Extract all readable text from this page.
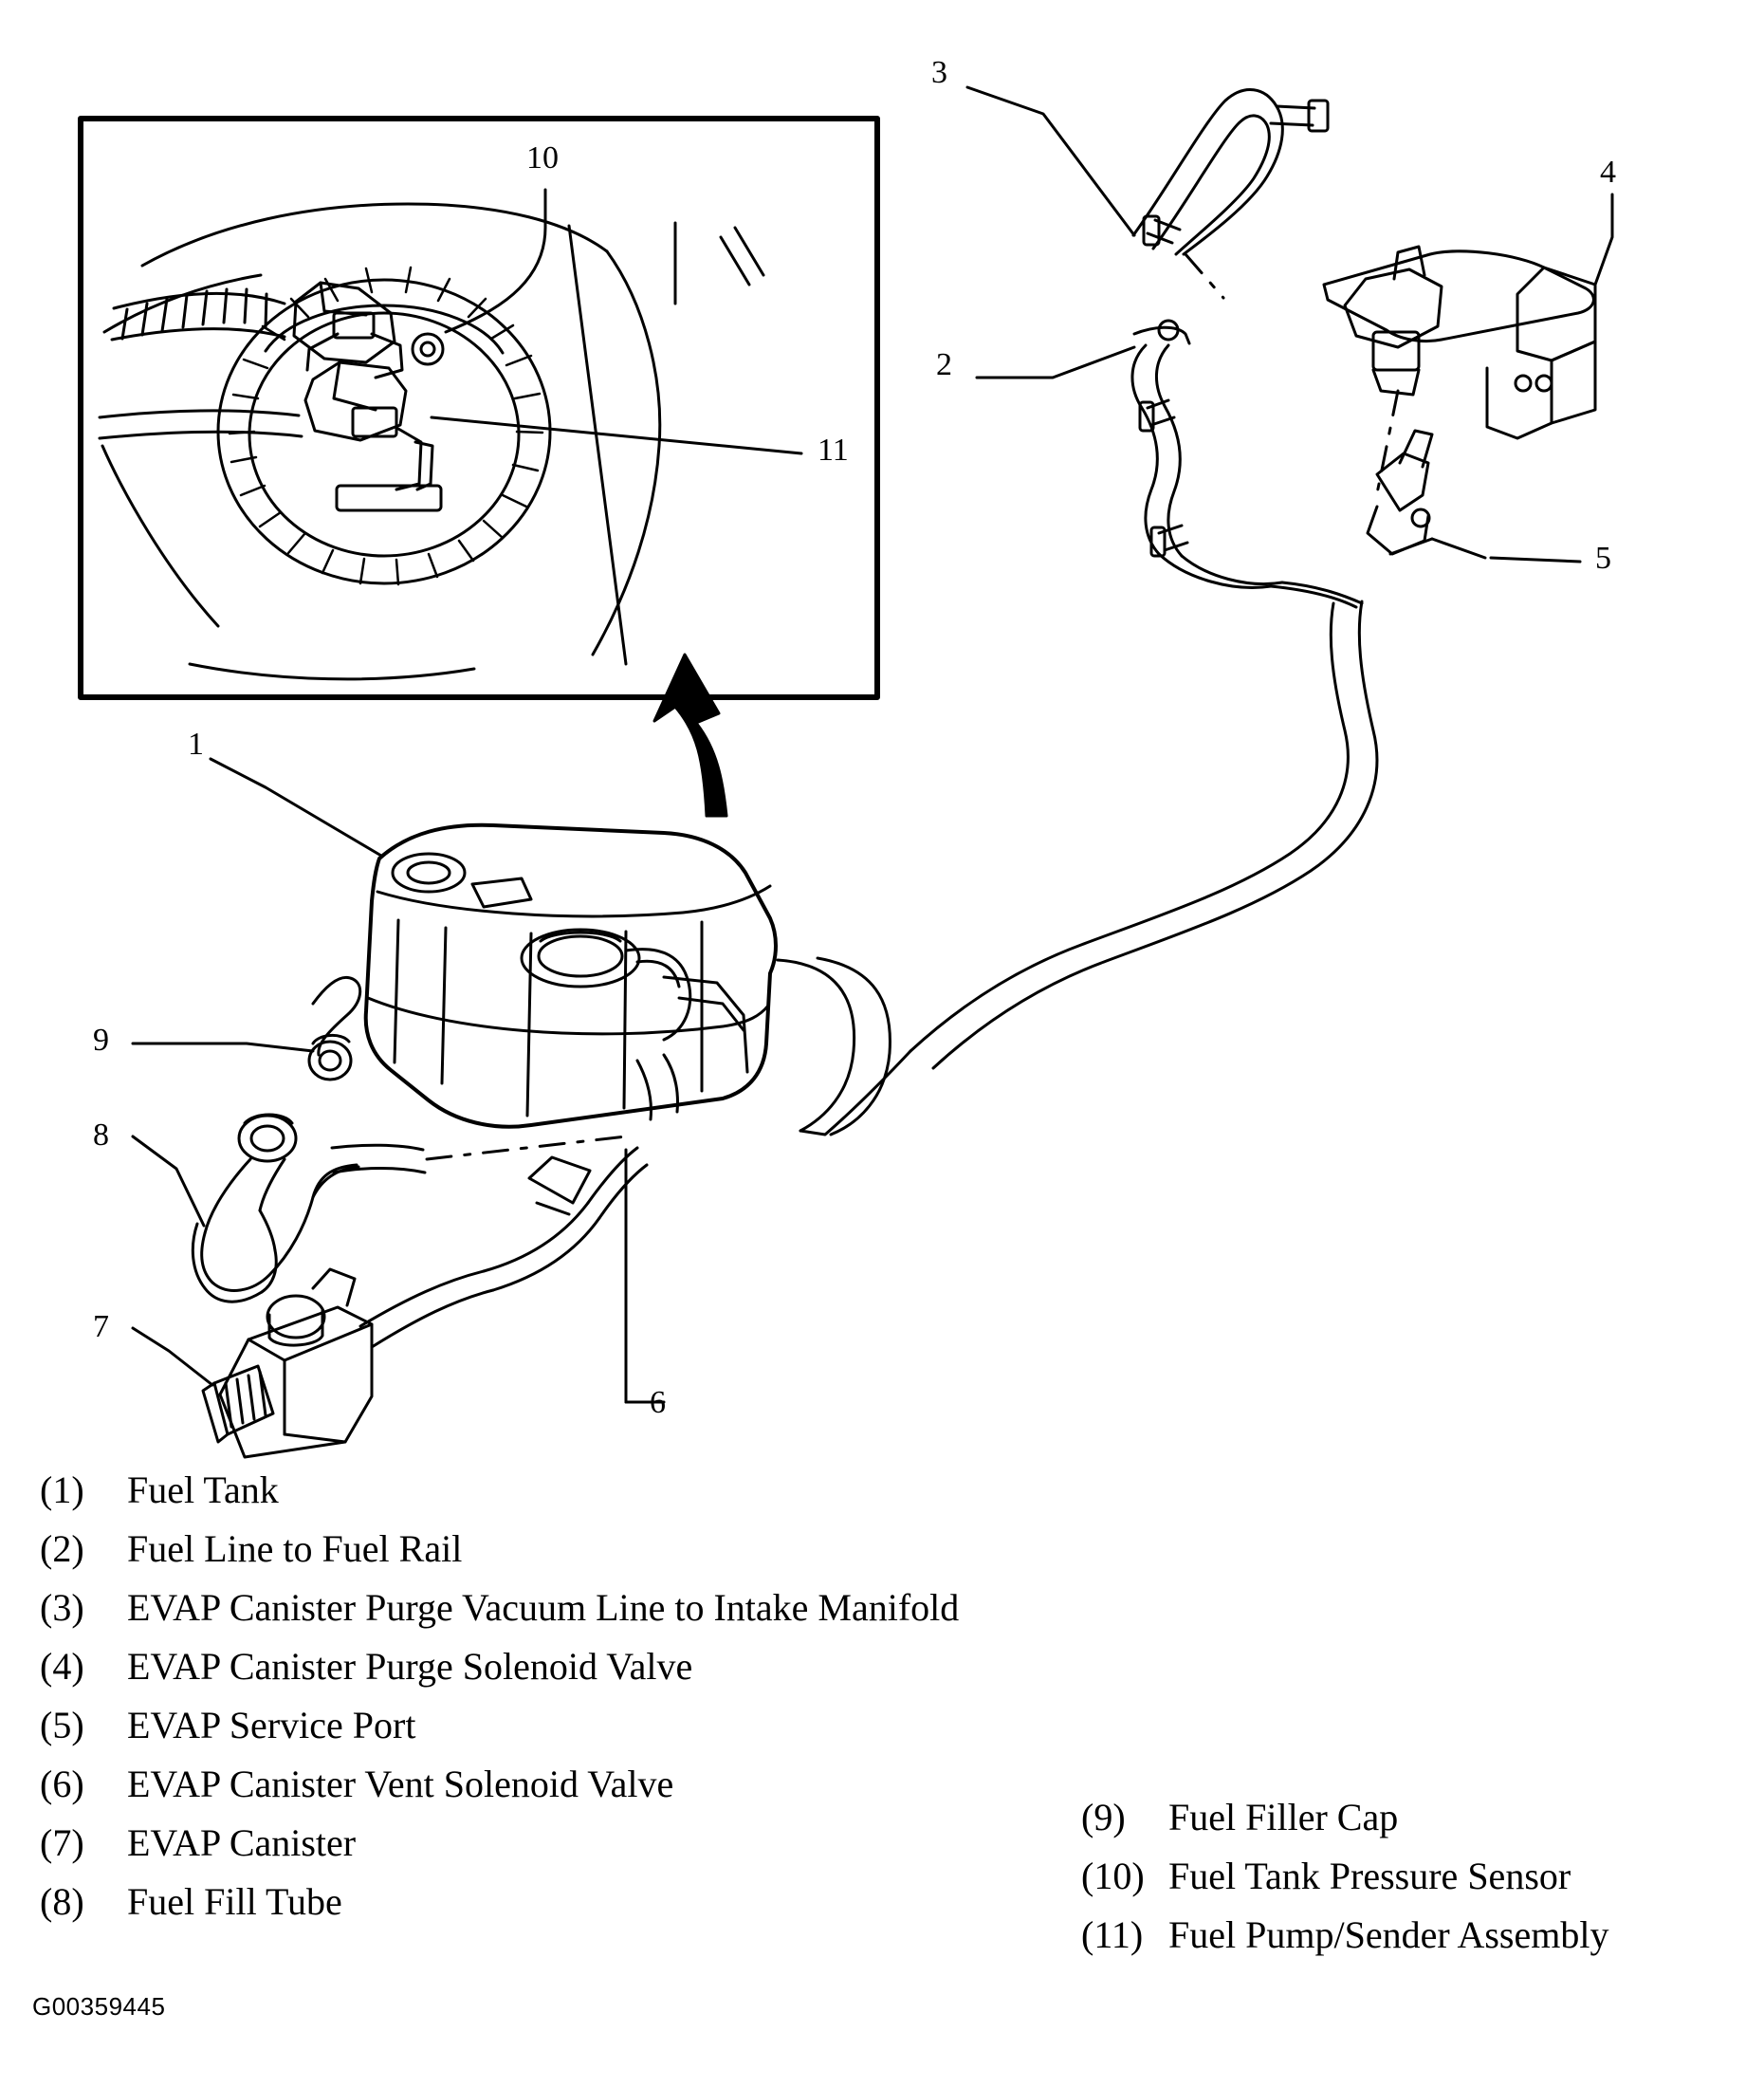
10
11
3
4
2
5
1
9
8
7
6
(1)	Fuel Tank
(2)	Fuel Line to Fuel Rail
(3)	EVAP Canister Purge Vacuum Line to Intake Manifold
(4)	EVAP Canister Purge Solenoid Valve
(5)	EVAP Service Port
(6)	EVAP Canister Vent Solenoid Valve
(7)	EVAP Canister
(8)	Fuel Fill Tube
(9)	Fuel Filler Cap
(10) Fuel Tank Pressure Sensor
(11) Fuel Pump/Sender Assembly
G00359445
